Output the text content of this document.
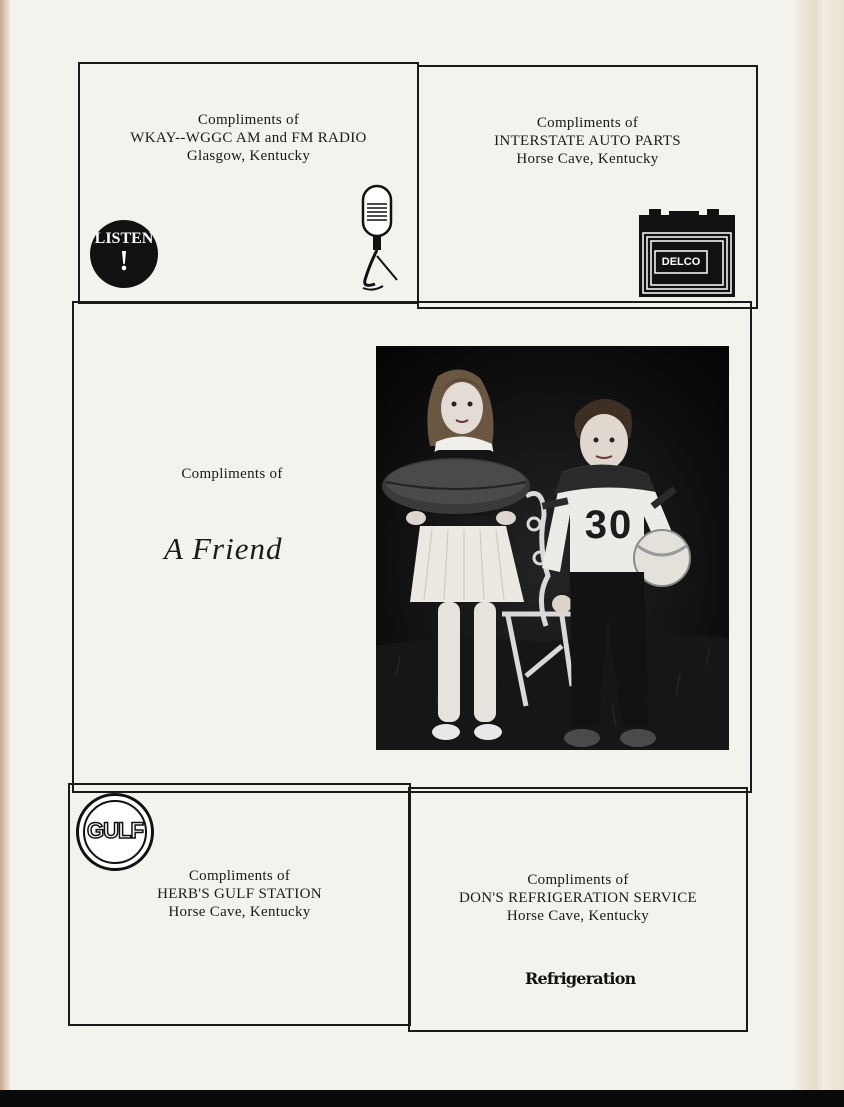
Compliments of
WKAY--WGGC AM and FM RADIO
Glasgow, Kentucky
LISTEN
!
Compliments of
INTERSTATE AUTO PARTS
Horse Cave, Kentucky
DELCO
Compliments of
A Friend
30
GULF
Compliments of
HERB'S GULF STATION
Horse Cave, Kentucky
Compliments of
DON'S REFRIGERATION SERVICE
Horse Cave, Kentucky
Refrigeration
